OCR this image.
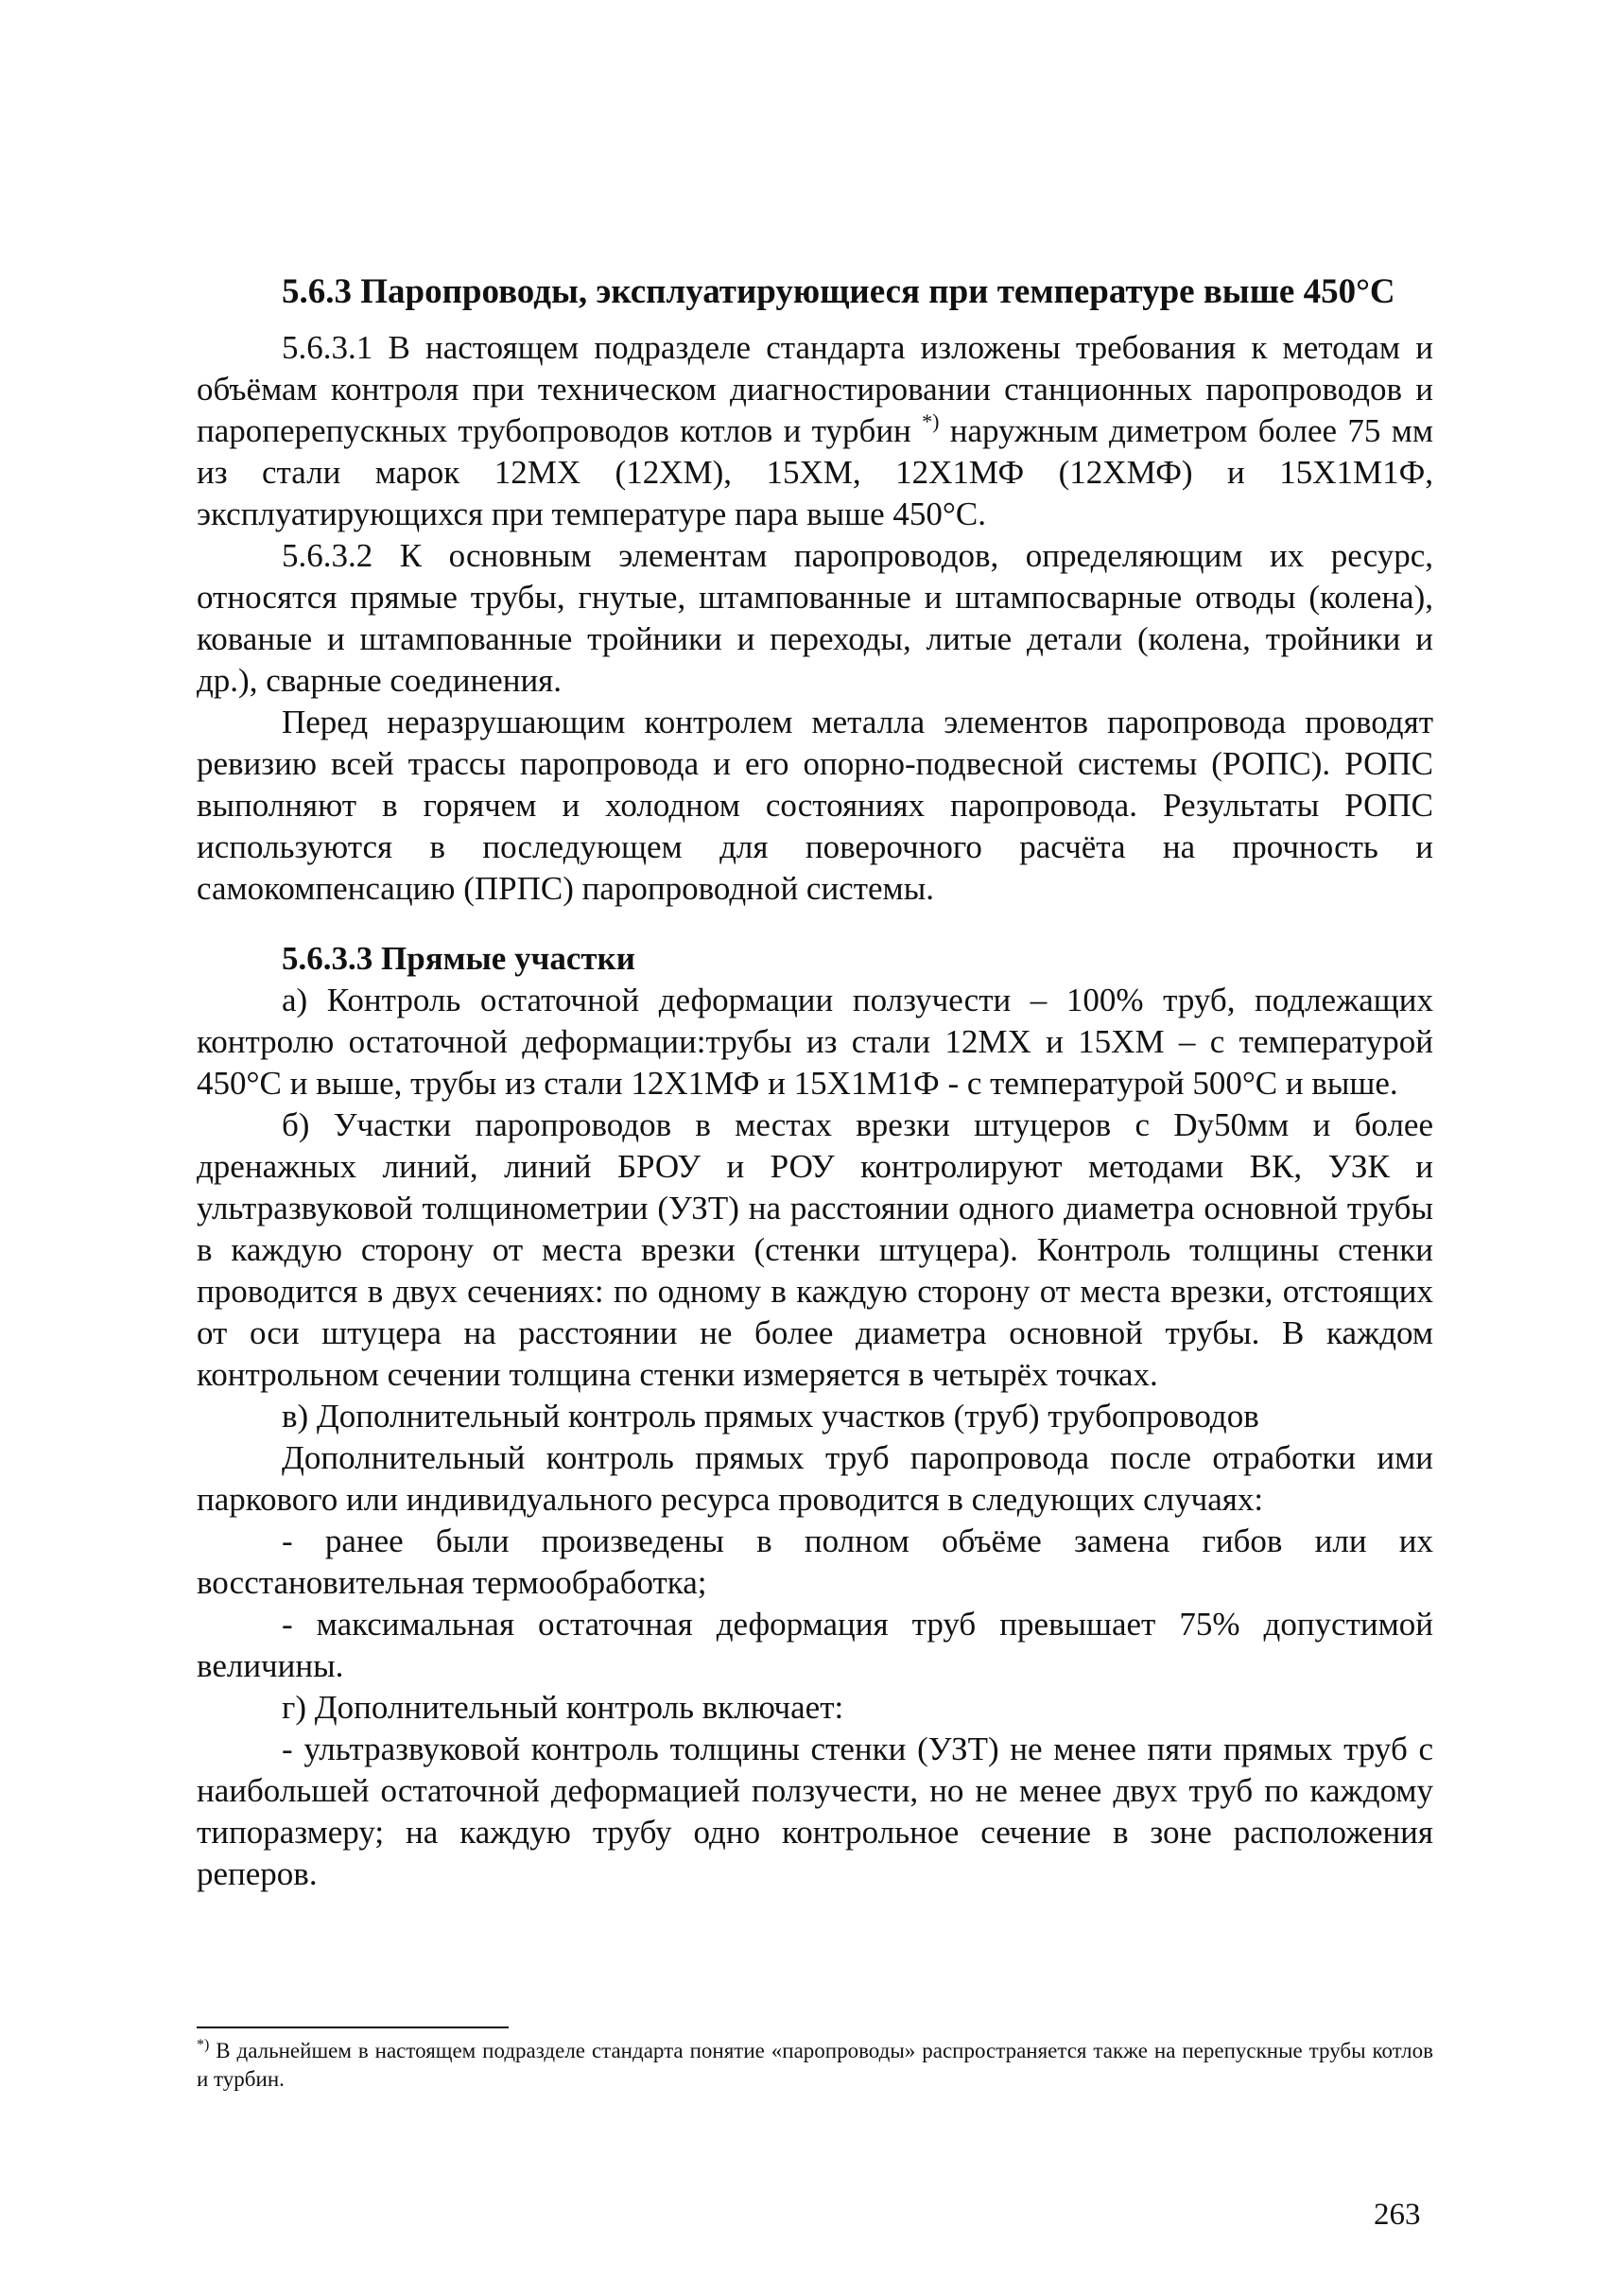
5.6.3 Паропроводы, эксплуатирующиеся при температуре выше 450°С

5.6.3.1 В настоящем подразделе стандарта изложены требования к методам и объёмам контроля при техническом диагностировании станционных паропроводов и пароперепускных трубопроводов котлов и турбин *) наружным диметром более 75 мм из стали марок 12МХ (12ХМ), 15ХМ, 12Х1МФ (12ХМФ) и 15Х1М1Ф, эксплуатирующихся при температуре пара выше 450°С.

5.6.3.2 К основным элементам паропроводов, определяющим их ресурс, относятся прямые трубы, гнутые, штампованные и штампосварные отводы (колена), кованые и штампованные тройники и переходы, литые детали (колена, тройники и др.), сварные соединения.

Перед неразрушающим контролем металла элементов паропровода проводят ревизию всей трассы паропровода и его опорно-подвесной системы (РОПС). РОПС выполняют в горячем и холодном состояниях паропровода. Результаты РОПС используются в последующем для поверочного расчёта на прочность и самокомпенсацию (ПРПС) паропроводной системы.

5.6.3.3 Прямые участки

а) Контроль остаточной деформации ползучести – 100% труб, подлежащих контролю остаточной деформации:трубы из стали 12МХ и 15ХМ – с температурой 450°С и выше, трубы из стали 12Х1МФ и 15Х1М1Ф - с температурой 500°С и выше.

б) Участки паропроводов в местах врезки штуцеров с Dy50мм и более дренажных линий, линий БРОУ и РОУ контролируют методами ВК, УЗК и ультразвуковой толщинометрии (УЗТ) на расстоянии одного диаметра основной трубы в каждую сторону от места врезки (стенки штуцера). Контроль толщины стенки проводится в двух сечениях: по одному в каждую сторону от места врезки, отстоящих от оси штуцера на расстоянии не более диаметра основной трубы. В каждом контрольном сечении толщина стенки измеряется в четырёх точках.

в) Дополнительный контроль прямых участков (труб) трубопроводов

Дополнительный контроль прямых труб паропровода после отработки ими паркового или индивидуального ресурса проводится в следующих случаях:

- ранее были произведены в полном объёме замена гибов или их восстановительная термообработка;

- максимальная остаточная деформация труб превышает 75% допустимой величины.

г) Дополнительный контроль включает:

- ультразвуковой контроль толщины стенки (УЗТ) не менее пяти прямых труб с наибольшей остаточной деформацией ползучести, но не менее двух труб по каждому типоразмеру; на каждую трубу одно контрольное сечение в зоне расположения реперов.

*) В дальнейшем в настоящем подразделе стандарта понятие «паропроводы» распространяется также на перепускные трубы котлов и турбин.
263
